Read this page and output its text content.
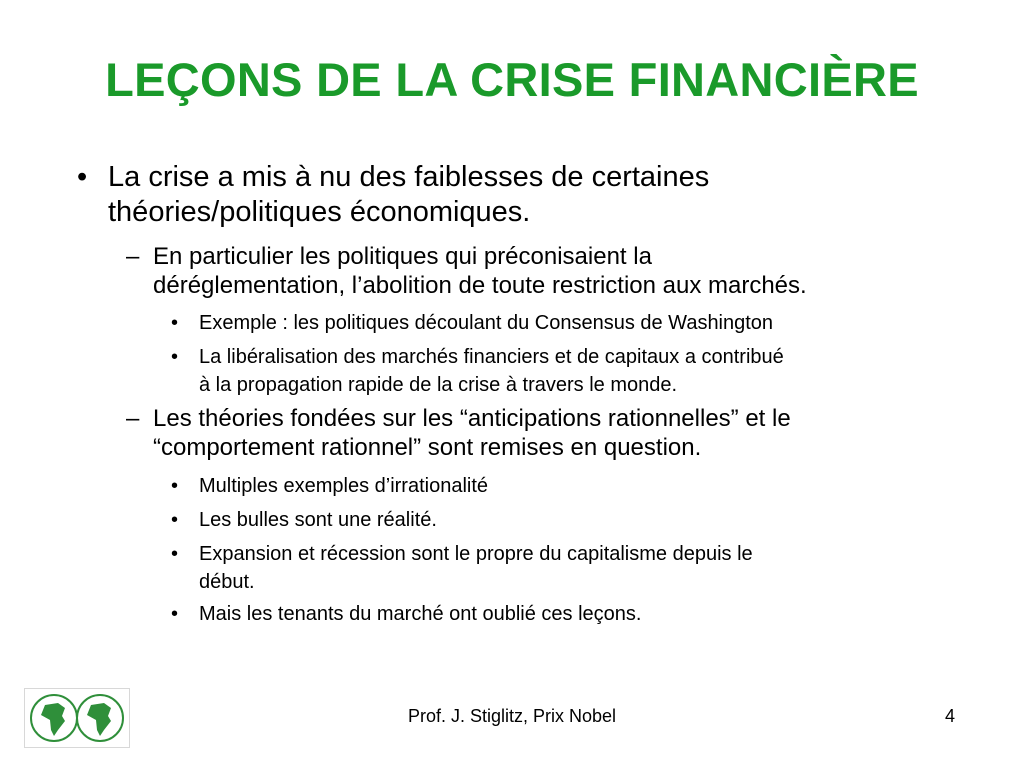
LEÇONS DE LA CRISE FINANCIÈRE
• La crise a mis à nu des faiblesses de certaines
théories/politiques économiques.
– En particulier les politiques qui préconisaient la
déréglementation, l’abolition de toute restriction aux marchés.
• Exemple : les politiques découlant du Consensus de Washington
• La libéralisation des marchés financiers et de capitaux a contribué
à la propagation rapide de la crise à travers le monde.
– Les théories fondées sur les “anticipations rationnelles” et le
“comportement rationnel” sont remises en question.
• Multiples exemples d’irrationalité
• Les bulles sont une réalité.
• Expansion et récession sont le propre du capitalisme depuis le
début.
• Mais les tenants du marché ont oublié ces leçons.
Prof. J. Stiglitz, Prix Nobel	4
